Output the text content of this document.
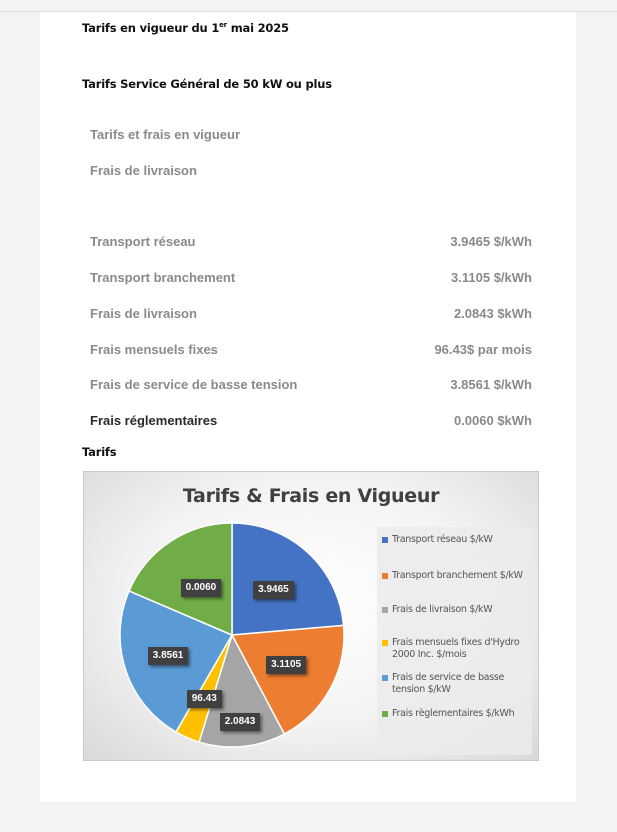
Tarifs en vigueur du 1er mai 2025
Tarifs Service Général de 50 kW ou plus
Tarifs et frais en vigueur
Frais de livraison
Transport réseau	3.9465 $/kWh
Transport branchement	3.1105 $/kWh
Frais de livraison	2.0843 $kWh
Frais mensuels fixes	96.43$ par mois
Frais de service de basse tension	3.8561 $/kWh
Frais réglementaires	0.0060 $kWh
Tarifs
Tarifs & Frais en Vigueur
3.9465
3.1105
2.0843
96.43
3.8561
0.0060
Transport réseau $/kW
Transport branchement $/kW
Frais de livraison $/kW
Frais mensuels fixes d'Hydro 2000 Inc. $/mois
Frais de service de basse tension $/kW
Frais règlementaires $/kWh
